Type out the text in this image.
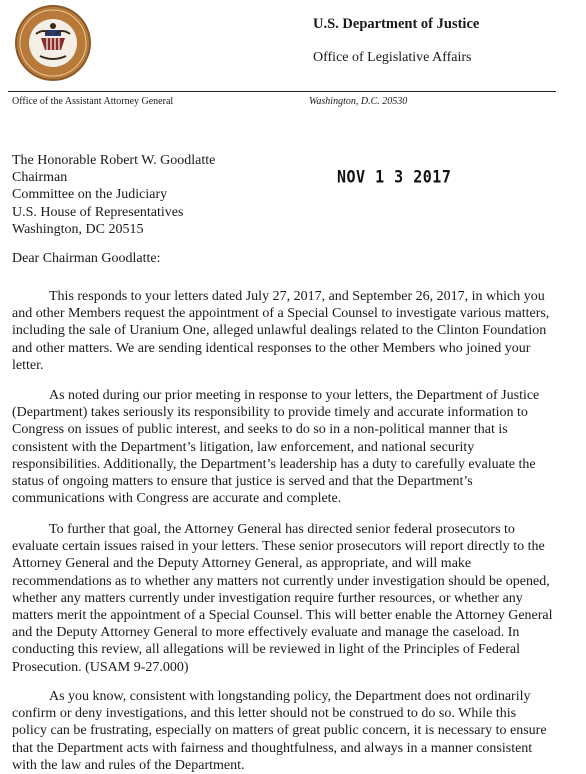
U.S. Department of Justice
Office of Legislative Affairs
Office of the Assistant Attorney General	Washington, D.C. 20530
The Honorable Robert W. Goodlatte
Chairman
Committee on the Judiciary
U.S. House of Representatives
Washington, DC 20515
NOV 1 3 2017
Dear Chairman Goodlatte:
This responds to your letters dated July 27, 2017, and September 26, 2017, in which you
and other Members request the appointment of a Special Counsel to investigate various matters,
including the sale of Uranium One, alleged unlawful dealings related to the Clinton Foundation
and other matters. We are sending identical responses to the other Members who joined your
letter.
As noted during our prior meeting in response to your letters, the Department of Justice
(Department) takes seriously its responsibility to provide timely and accurate information to
Congress on issues of public interest, and seeks to do so in a non-political manner that is
consistent with the Department’s litigation, law enforcement, and national security
responsibilities. Additionally, the Department’s leadership has a duty to carefully evaluate the
status of ongoing matters to ensure that justice is served and that the Department’s
communications with Congress are accurate and complete.
To further that goal, the Attorney General has directed senior federal prosecutors to
evaluate certain issues raised in your letters. These senior prosecutors will report directly to the
Attorney General and the Deputy Attorney General, as appropriate, and will make
recommendations as to whether any matters not currently under investigation should be opened,
whether any matters currently under investigation require further resources, or whether any
matters merit the appointment of a Special Counsel. This will better enable the Attorney General
and the Deputy Attorney General to more effectively evaluate and manage the caseload. In
conducting this review, all allegations will be reviewed in light of the Principles of Federal
Prosecution. (USAM 9-27.000)
As you know, consistent with longstanding policy, the Department does not ordinarily
confirm or deny investigations, and this letter should not be construed to do so. While this
policy can be frustrating, especially on matters of great public concern, it is necessary to ensure
that the Department acts with fairness and thoughtfulness, and always in a manner consistent
with the law and rules of the Department.
